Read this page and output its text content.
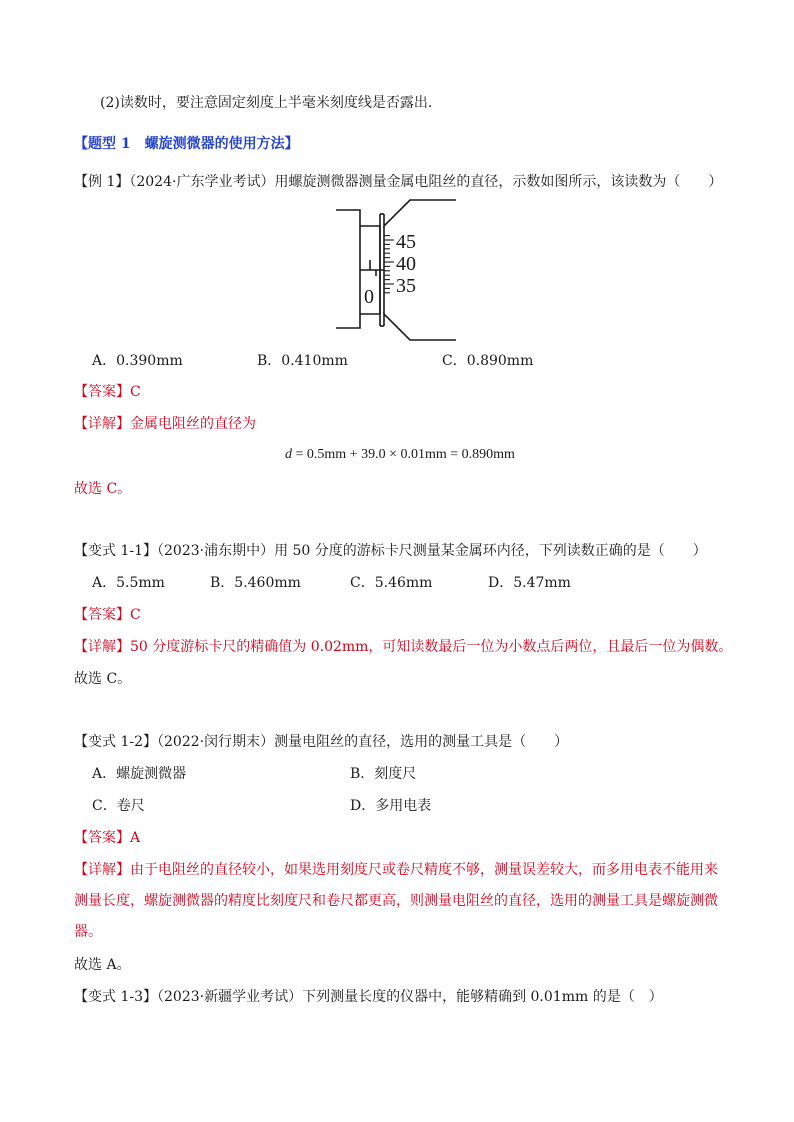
(2)读数时，要注意固定刻度上半毫米刻度线是否露出.
【题型 1　螺旋测微器的使用方法】
【例 1】（2024·广东学业考试）用螺旋测微器测量金属电阻丝的直径，示数如图所示，该读数为（　　）
45
40
35
0
A．0.390mm	B．0.410mm	C．0.890mm
【答案】C
【详解】金属电阻丝的直径为
d = 0.5mm + 39.0 × 0.01mm = 0.890mm
故选 C。
【变式 1-1】（2023·浦东期中）用 50 分度的游标卡尺测量某金属环内径，下列读数正确的是（　　）
A．5.5mm	B．5.460mm	C．5.46mm	D．5.47mm
【答案】C
【详解】50 分度游标卡尺的精确值为 0.02mm，可知读数最后一位为小数点后两位，且最后一位为偶数。
故选 C。
【变式 1-2】（2022·闵行期末）测量电阻丝的直径，选用的测量工具是（　　）
A．螺旋测微器	B．刻度尺
C．卷尺	D．多用电表
【答案】A
【详解】由于电阻丝的直径较小，如果选用刻度尺或卷尺精度不够，测量误差较大，而多用电表不能用来
测量长度，螺旋测微器的精度比刻度尺和卷尺都更高，则测量电阻丝的直径，选用的测量工具是螺旋测微
器。
故选 A。
【变式 1-3】（2023·新疆学业考试）下列测量长度的仪器中，能够精确到 0.01mm 的是（　）
